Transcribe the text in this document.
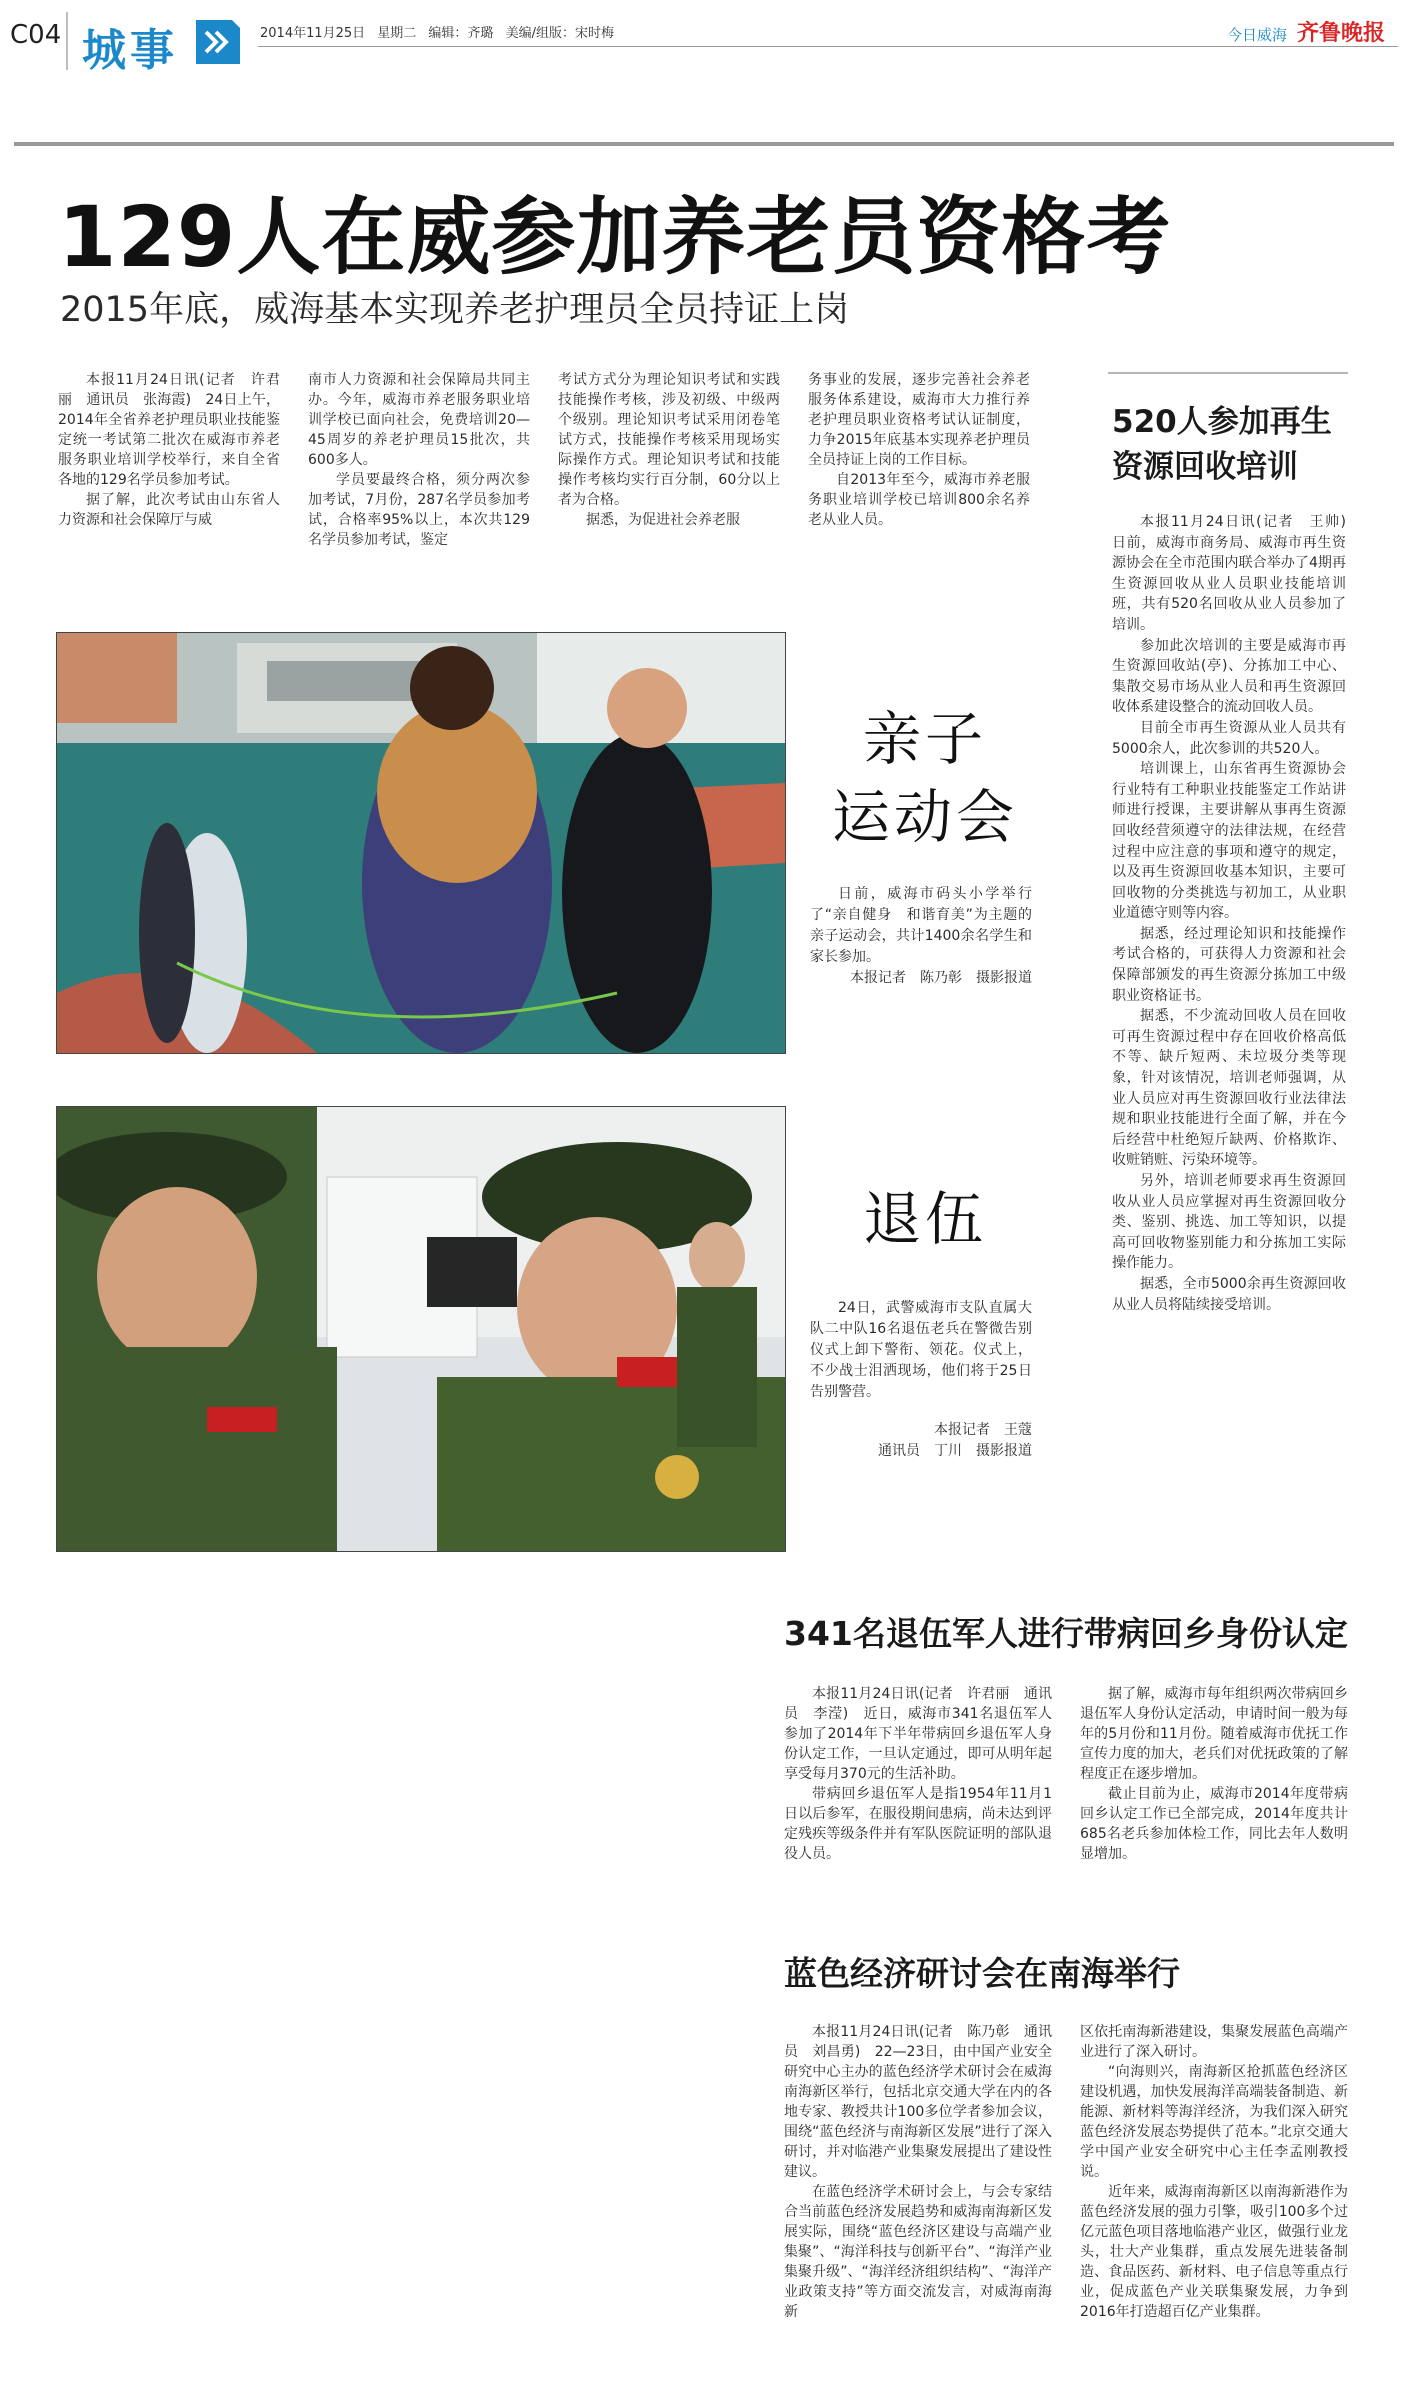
C04 城事	2014年11月25日 星期二 编辑：齐璐 美编/组版：宋时梅	今日威海 齐鲁晚报
129人在威参加养老员资格考
2015年底，威海基本实现养老护理员全员持证上岗

本报11月24日讯(记者　许君丽　通讯员　张海霞)　24日上午，2014年全省养老护理员职业技能鉴定统一考试第二批次在威海市养老服务职业培训学校举行，来自全省各地的129名学员参加考试。

据了解，此次考试由山东省人力资源和社会保障厅与威

南市人力资源和社会保障局共同主办。今年，威海市养老服务职业培训学校已面向社会，免费培训20—45周岁的养老护理员15批次，共600多人。

学员要最终合格，须分两次参加考试，7月份，287名学员参加考试，合格率95%以上，本次共129名学员参加考试，鉴定

考试方式分为理论知识考试和实践技能操作考核，涉及初级、中级两个级别。理论知识考试采用闭卷笔试方式，技能操作考核采用现场实际操作方式。理论知识考试和技能操作考核均实行百分制，60分以上者为合格。

据悉，为促进社会养老服

务事业的发展，逐步完善社会养老服务体系建设，威海市大力推行养老护理员职业资格考试认证制度，力争2015年底基本实现养老护理员全员持证上岗的工作目标。

自2013年至今，威海市养老服务职业培训学校已培训800余名养老从业人员。

亲子
运动会

日前，威海市码头小学举行了“亲自健身　和谐育美”为主题的亲子运动会，共计1400余名学生和家长参加。

本报记者　陈乃彰　摄影报道
退伍

24日，武警威海市支队直属大队二中队16名退伍老兵在警微告别仪式上卸下警衔、领花。仪式上，不少战士泪洒现场，他们将于25日告别警营。

本报记者　王蔻
通讯员　丁川　摄影报道
520人参加再生
资源回收培训

本报11月24日讯(记者　王帅)　日前，威海市商务局、威海市再生资源协会在全市范围内联合举办了4期再生资源回收从业人员职业技能培训班，共有520名回收从业人员参加了培训。

参加此次培训的主要是威海市再生资源回收站(亭)、分拣加工中心、集散交易市场从业人员和再生资源回收体系建设整合的流动回收人员。

目前全市再生资源从业人员共有5000余人，此次参训的共520人。

培训课上，山东省再生资源协会行业特有工种职业技能鉴定工作站讲师进行授课，主要讲解从事再生资源回收经营须遵守的法律法规，在经营过程中应注意的事项和遵守的规定，以及再生资源回收基本知识，主要可回收物的分类挑选与初加工，从业职业道德守则等内容。

据悉，经过理论知识和技能操作考试合格的，可获得人力资源和社会保障部颁发的再生资源分拣加工中级职业资格证书。

据悉，不少流动回收人员在回收可再生资源过程中存在回收价格高低不等、缺斤短两、未垃圾分类等现象，针对该情况，培训老师强调，从业人员应对再生资源回收行业法律法规和职业技能进行全面了解，并在今后经营中杜绝短斤缺两、价格欺诈、收赃销赃、污染环境等。

另外，培训老师要求再生资源回收从业人员应掌握对再生资源回收分类、鉴别、挑选、加工等知识，以提高可回收物鉴别能力和分拣加工实际操作能力。

据悉，全市5000余再生资源回收从业人员将陆续接受培训。

341名退伍军人进行带病回乡身份认定

本报11月24日讯(记者　许君丽　通讯员　李滢)　近日，威海市341名退伍军人参加了2014年下半年带病回乡退伍军人身份认定工作，一旦认定通过，即可从明年起享受每月370元的生活补助。

带病回乡退伍军人是指1954年11月1日以后参军，在服役期间患病，尚未达到评定残疾等级条件并有军队医院证明的部队退役人员。

据了解，威海市每年组织两次带病回乡退伍军人身份认定活动，申请时间一般为每年的5月份和11月份。随着威海市优抚工作宣传力度的加大，老兵们对优抚政策的了解程度正在逐步增加。

截止目前为止，威海市2014年度带病回乡认定工作已全部完成，2014年度共计685名老兵参加体检工作，同比去年人数明显增加。

蓝色经济研讨会在南海举行

本报11月24日讯(记者　陈乃彰　通讯员　刘昌勇)　22—23日，由中国产业安全研究中心主办的蓝色经济学术研讨会在威海南海新区举行，包括北京交通大学在内的各地专家、教授共计100多位学者参加会议，围绕“蓝色经济与南海新区发展”进行了深入研讨，并对临港产业集聚发展提出了建设性建议。

在蓝色经济学术研讨会上，与会专家结合当前蓝色经济发展趋势和威海南海新区发展实际，围绕“蓝色经济区建设与高端产业集聚”、“海洋科技与创新平台”、“海洋产业集聚升级”、“海洋经济组织结构”、“海洋产业政策支持”等方面交流发言，对威海南海新

区依托南海新港建设，集聚发展蓝色高端产业进行了深入研讨。

“向海则兴，南海新区抢抓蓝色经济区建设机遇，加快发展海洋高端装备制造、新能源、新材料等海洋经济，为我们深入研究蓝色经济发展态势提供了范本。”北京交通大学中国产业安全研究中心主任李孟刚教授说。

近年来，威海南海新区以南海新港作为蓝色经济发展的强力引擎，吸引100多个过亿元蓝色项目落地临港产业区，做强行业龙头，壮大产业集群，重点发展先进装备制造、食品医药、新材料、电子信息等重点行业，促成蓝色产业关联集聚发展，力争到2016年打造超百亿产业集群。
